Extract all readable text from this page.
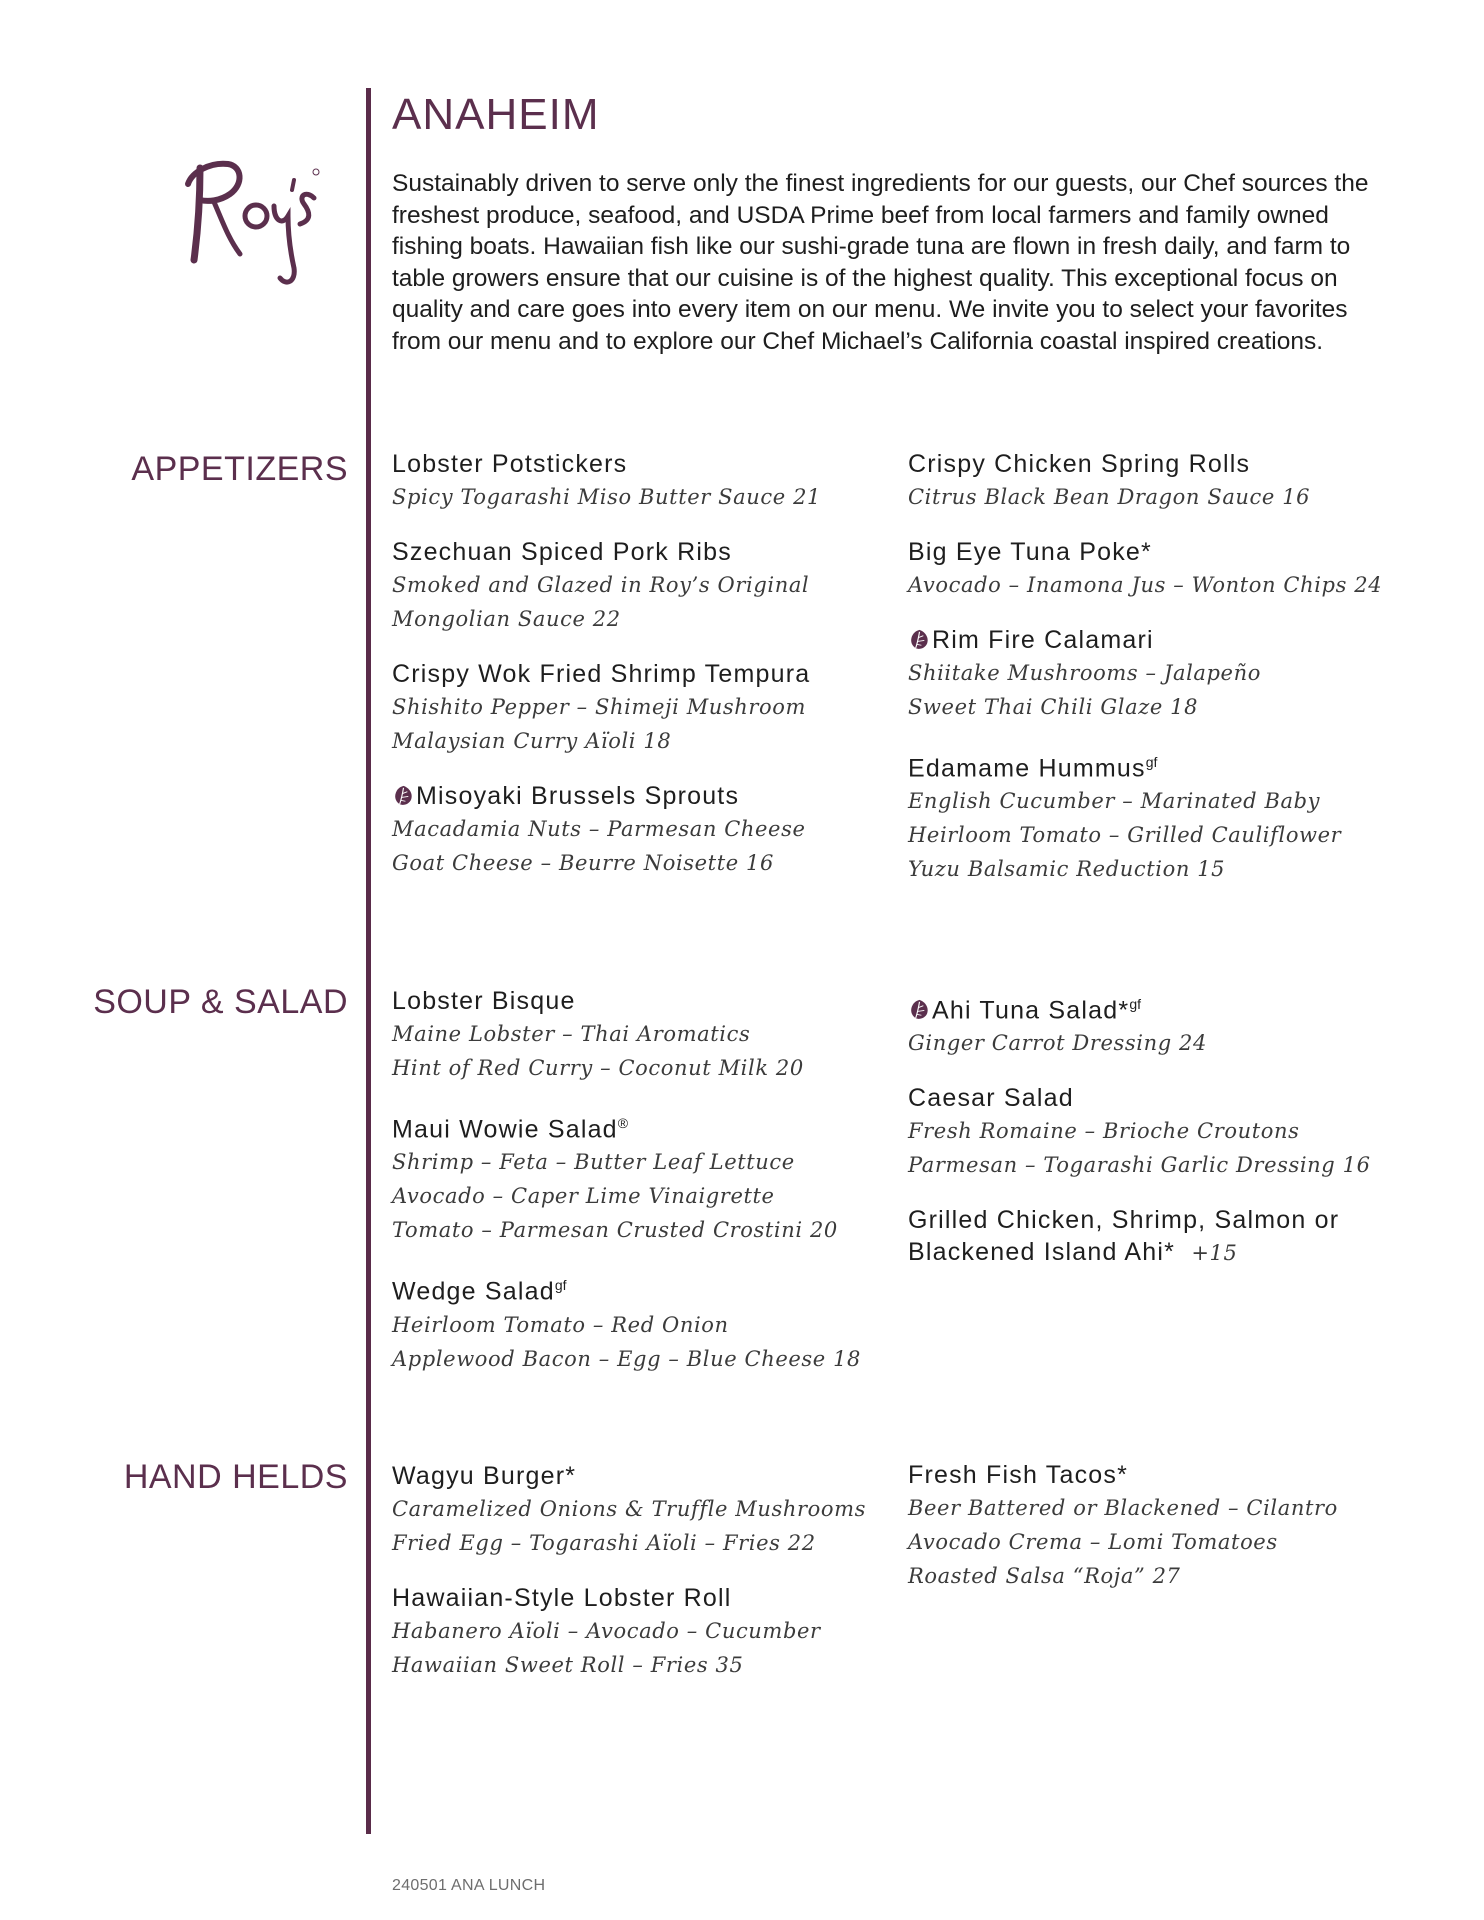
ANAHEIM

Sustainably driven to serve only the finest ingredients for our guests, our Chef sources the freshest produce, seafood, and USDA Prime beef from local farmers and family owned fishing boats. Hawaiian fish like our sushi-grade tuna are flown in fresh daily, and farm to table growers ensure that our cuisine is of the highest quality. This exceptional focus on quality and care goes into every item on our menu. We invite you to select your favorites from our menu and to explore our Chef Michael’s California coastal inspired creations.

APPETIZERS Lobster Potstickers
Spicy Togarashi Miso Butter Sauce 21
Szechuan Spiced Pork Ribs
Smoked and Glazed in Roy’s Original
Mongolian Sauce 22
Crispy Wok Fried Shrimp Tempura
Shishito Pepper – Shimeji Mushroom
Malaysian Curry Aïoli 18
Misoyaki Brussels Sprouts
Macadamia Nuts – Parmesan Cheese
Goat Cheese – Beurre Noisette 16
Crispy Chicken Spring Rolls
Citrus Black Bean Dragon Sauce 16
Big Eye Tuna Poke*
Avocado – Inamona Jus – Wonton Chips 24
Rim Fire Calamari
Shiitake Mushrooms – Jalapeño
Sweet Thai Chili Glaze 18
Edamame Hummus$^{gf}$
English Cucumber – Marinated Baby
Heirloom Tomato – Grilled Cauliflower
Yuzu Balsamic Reduction 15
SOUP & SALAD Lobster Bisque
Maine Lobster – Thai Aromatics
Hint of Red Curry – Coconut Milk 20
Maui Wowie Salad®
Shrimp – Feta – Butter Leaf Lettuce
Avocado – Caper Lime Vinaigrette
Tomato – Parmesan Crusted Crostini 20
Wedge Salad$^{gf}$
Heirloom Tomato – Red Onion
Applewood Bacon – Egg – Blue Cheese 18
Ahi Tuna Salad*$^{gf}$
Ginger Carrot Dressing 24
Caesar Salad
Fresh Romaine – Brioche Croutons
Parmesan – Togarashi Garlic Dressing 16
Grilled Chicken, Shrimp, Salmon or
Blackened Island Ahi* +15
HAND HELDS Wagyu Burger*
Caramelized Onions & Truffle Mushrooms
Fried Egg – Togarashi Aïoli – Fries 22
Hawaiian-Style Lobster Roll
Habanero Aïoli – Avocado – Cucumber
Hawaiian Sweet Roll – Fries 35
Fresh Fish Tacos*
Beer Battered or Blackened – Cilantro
Avocado Crema – Lomi Tomatoes
Roasted Salsa “Roja” 27
240501 ANA LUNCH
